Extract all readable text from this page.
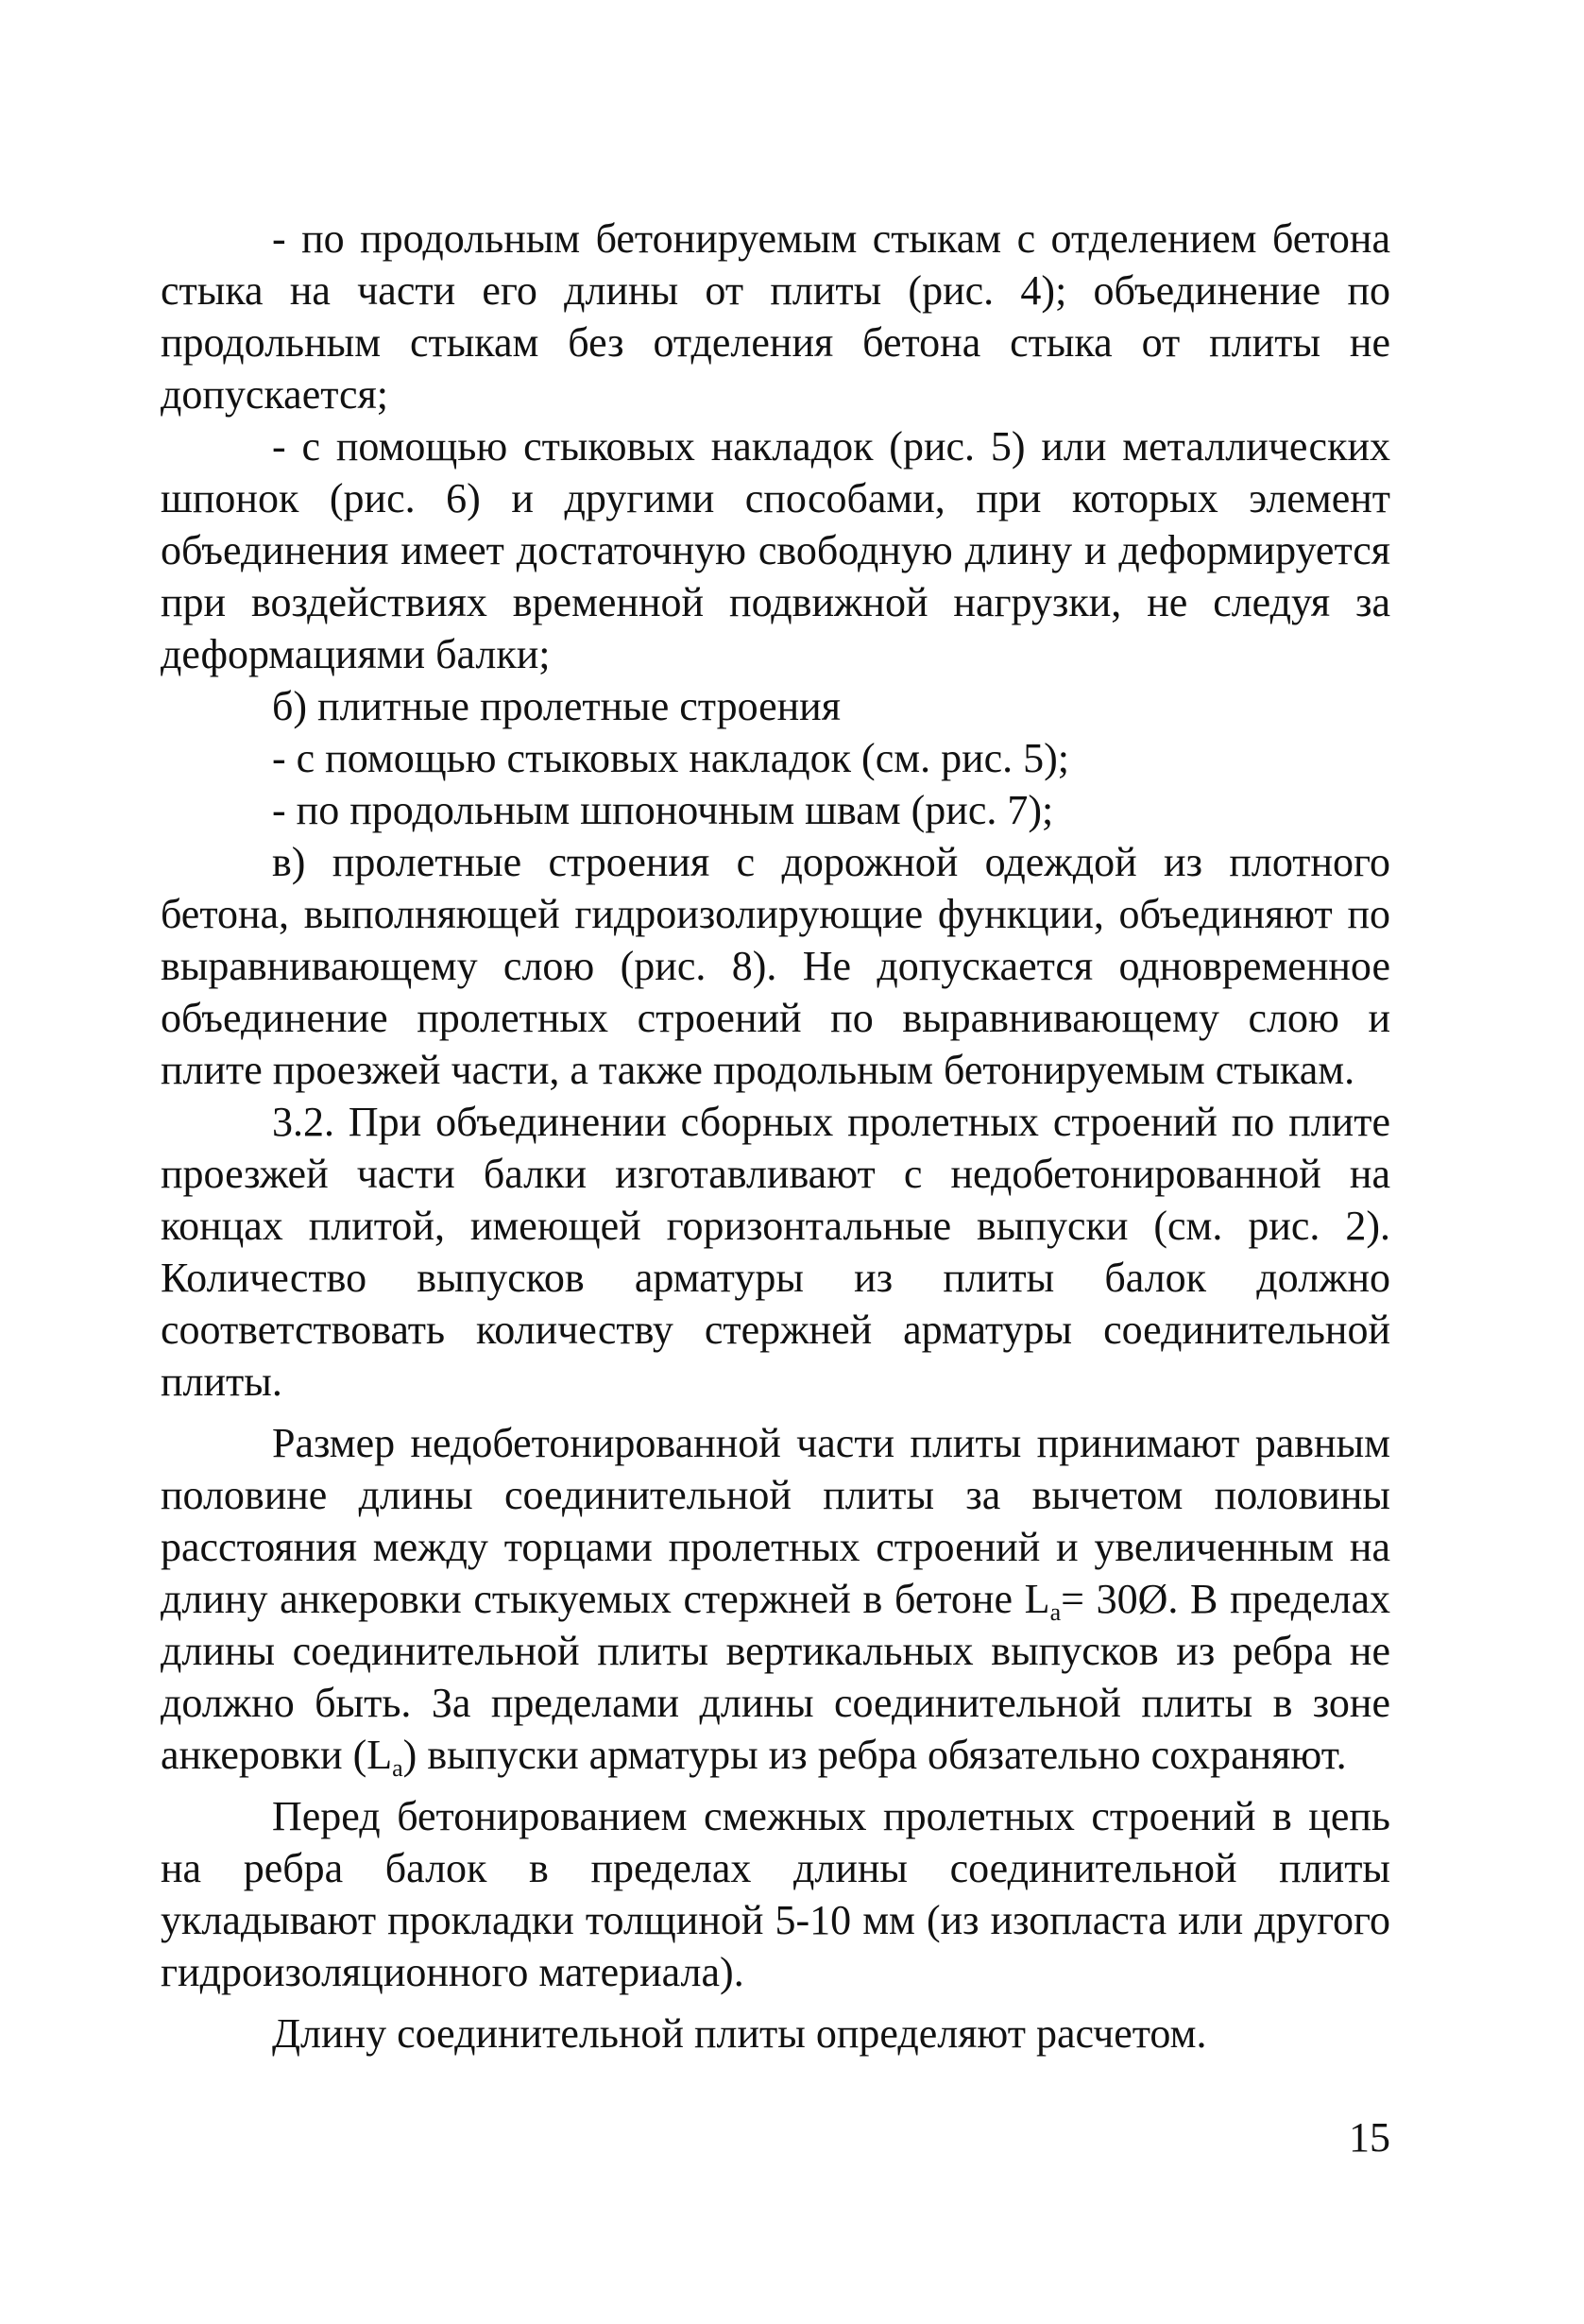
- по продольным бетонируемым стыкам с отделением бетона стыка на части его длины от плиты (рис. 4); объединение по продольным стыкам без отделения бетона стыка от плиты не допускается;

- с помощью стыковых накладок (рис. 5) или металлических шпонок (рис. 6) и другими способами, при которых элемент объединения имеет достаточную свободную длину и деформируется при воздействиях временной подвижной нагрузки, не следуя за деформациями балки;

б) плитные пролетные строения

- с помощью стыковых накладок (см. рис. 5);

- по продольным шпоночным швам (рис. 7);

в) пролетные строения с дорожной одеждой из плотного бетона, выполняющей гидроизолирующие функции, объединяют по выравнивающему слою (рис. 8). Не допускается одновременное объединение пролетных строений по выравнивающему слою и плите проезжей части, а также продольным бетонируемым стыкам.

3.2. При объединении сборных пролетных строений по плите проезжей части балки изготавливают с недобетонированной на концах плитой, имеющей горизонтальные выпуски (см. рис. 2). Количество выпусков арматуры из плиты балок должно соответствовать количеству стержней арматуры соединительной плиты.

Размер недобетонированной части плиты принимают равным половине длины соединительной плиты за вычетом половины расстояния между торцами пролетных строений и увеличенным на длину анкеровки стыкуемых стержней в бетоне $L_a=$ 30Ø. В пределах длины соединительной плиты вертикальных выпусков из ребра не должно быть. За пределами длины соединительной плиты в зоне анкеровки $(L_a)$ выпуски арматуры из ребра обязательно сохраняют.

Перед бетонированием смежных пролетных строений в цепь на ребра балок в пределах длины соединительной плиты укладывают прокладки толщиной 5-10 мм (из изопласта или другого гидроизоляционного материала).

Длину соединительной плиты определяют расчетом.

15
